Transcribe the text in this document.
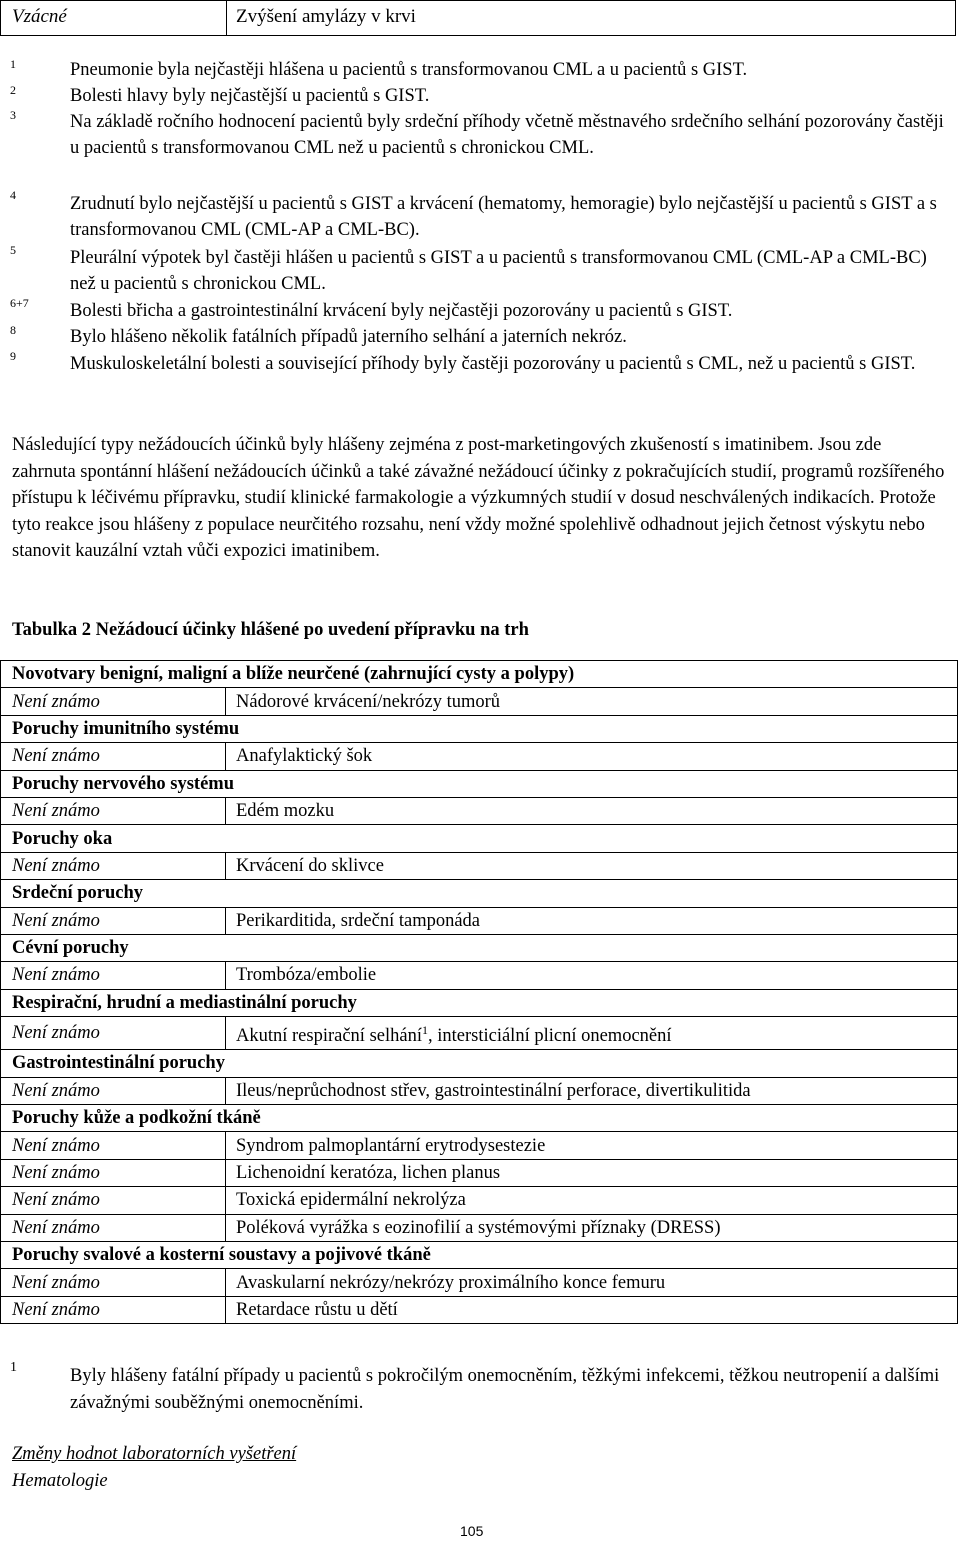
Vzácné	Zvýšení amylázy v krvi
1	Pneumonie byla nejčastěji hlášena u pacientů s transformovanou CML a u pacientů s GIST.

2	Bolesti hlavy byly nejčastější u pacientů s GIST.

3	Na základě ročního hodnocení pacientů byly srdeční příhody včetně městnavého srdečního selhání pozorovány častěji u pacientů s transformovanou CML než u pacientů s chronickou CML.

4	Zrudnutí bylo nejčastější u pacientů s GIST a krvácení (hematomy, hemoragie) bylo nejčastější u pacientů s GIST a s transformovanou CML (CML-AP a CML-BC).

5	Pleurální výpotek byl častěji hlášen u pacientů s GIST a u pacientů s transformovanou CML (CML-AP a CML-BC) než u pacientů s chronickou CML.

6+7 Bolesti břicha a gastrointestinální krvácení byly nejčastěji pozorovány u pacientů s GIST.

8	Bylo hlášeno několik fatálních případů jaterního selhání a jaterních nekróz.

9	Muskuloskeletální bolesti a související příhody byly častěji pozorovány u pacientů s CML, než u pacientů s GIST.

Následující typy nežádoucích účinků byly hlášeny zejména z post-marketingových zkušeností s imatinibem. Jsou zde zahrnuta spontánní hlášení nežádoucích účinků a také závažné nežádoucí účinky z pokračujících studií, programů rozšířeného přístupu k léčivému přípravku, studií klinické farmakologie a výzkumných studií v dosud neschválených indikacích. Protože tyto reakce jsou hlášeny z populace neurčitého rozsahu, není vždy možné spolehlivě odhadnout jejich četnost výskytu nebo stanovit kauzální vztah vůči expozici imatinibem.

Tabulka 2 Nežádoucí účinky hlášené po uvedení přípravku na trh
Novotvary benigní, maligní a blíže neurčené (zahrnující cysty a polypy)	
Není známo	Nádorové krvácení/nekrózy tumorů
Poruchy imunitního systému	
Není známo	Anafylaktický šok
Poruchy nervového systému	
Není známo	Edém mozku
Poruchy oka	
Není známo	Krvácení do sklivce
Srdeční poruchy	
Není známo	Perikarditida, srdeční tamponáda
Cévní poruchy	
Není známo	Trombóza/embolie
Respirační, hrudní a mediastinální poruchy	
Není známo	Akutní respirační selhání$^1$, intersticiální plicní onemocnění
Gastrointestinální poruchy	
Není známo	Ileus/neprůchodnost střev, gastrointestinální perforace, divertikulitida
Poruchy kůže a podkožní tkáně	
Není známo	Syndrom palmoplantární erytrodysestezie
Není známo	Lichenoidní keratóza, lichen planus
Není známo	Toxická epidermální nekrolýza
Není známo	Poléková vyrážka s eozinofilií a systémovými příznaky (DRESS)
Poruchy svalové a kosterní soustavy a pojivové tkáně	
Není známo	Avaskularní nekrózy/nekrózy proximálního konce femuru
Není známo	Retardace růstu u dětí
1	Byly hlášeny fatální případy u pacientů s pokročilým onemocněním, těžkými infekcemi, těžkou neutropenií a dalšími závažnými souběžnými onemocněními.

Změny hodnot laboratorních vyšetření
Hematologie
105
